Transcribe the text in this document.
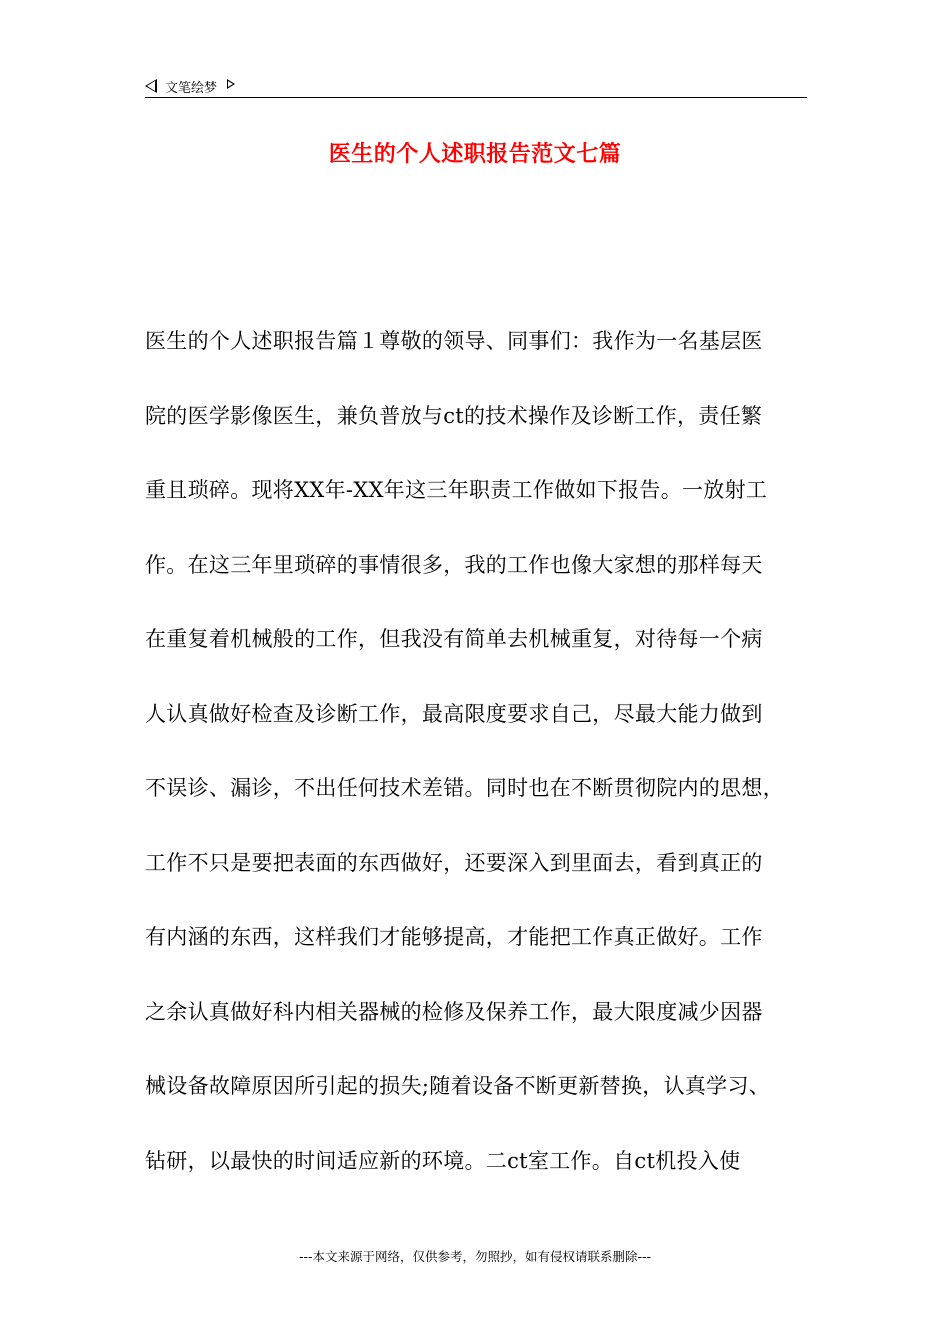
文笔绘梦
医生的个人述职报告范文七篇
医生的个人述职报告篇１尊敬的领导、同事们：我作为一名基层医
院的医学影像医生，兼负普放与ct的技术操作及诊断工作，责任繁
重且琐碎。现将XX年-XX年这三年职责工作做如下报告。一放射工
作。在这三年里琐碎的事情很多，我的工作也像大家想的那样每天
在重复着机械般的工作，但我没有简单去机械重复，对待每一个病
人认真做好检查及诊断工作，最高限度要求自己，尽最大能力做到
不误诊、漏诊，不出任何技术差错。同时也在不断贯彻院内的思想，
工作不只是要把表面的东西做好，还要深入到里面去，看到真正的
有内涵的东西，这样我们才能够提高，才能把工作真正做好。工作
之余认真做好科内相关器械的检修及保养工作，最大限度减少因器
械设备故障原因所引起的损失;随着设备不断更新替换，认真学习、
钻研，以最快的时间适应新的环境。二ct室工作。自ct机投入使
---本文来源于网络，仅供参考，勿照抄，如有侵权请联系删除---
